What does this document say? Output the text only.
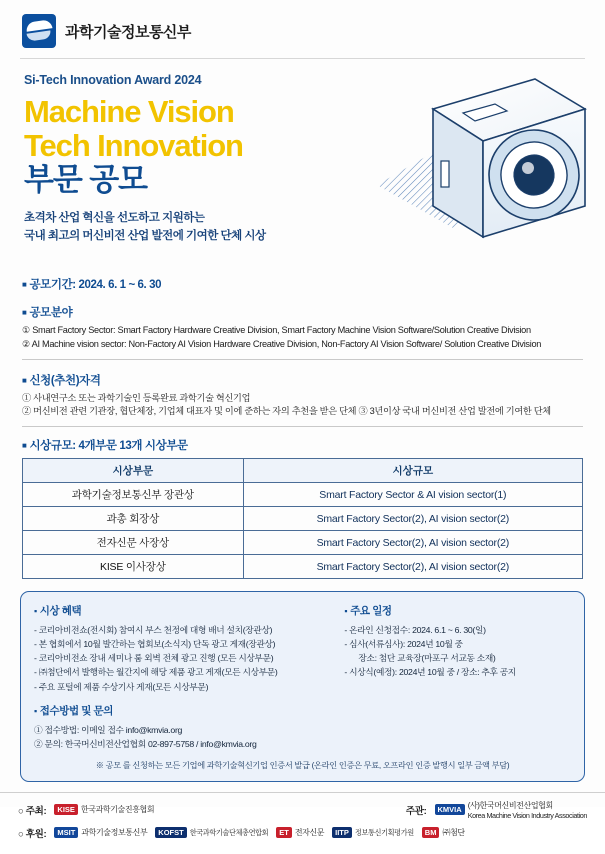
과학기술정보통신부
Si-Tech Innovation Award 2024
Machine Vision
Tech Innovation
부문 공모
초격차 산업 혁신을 선도하고 지원하는
국내 최고의 머신비전 산업 발전에 기여한 단체 시상
■ 공모기간: 2024. 6. 1 ~ 6. 30
■ 공모분야
① Smart Factory Sector: Smart Factory Hardware Creative Division, Smart Factory Machine Vision Software/Solution Creative Division
② AI Machine vision sector: Non-Factory AI Vision Hardware Creative Division, Non-Factory AI Vision Software/ Solution Creative Division
■ 신청(추천)자격
① 사내연구소 또는 과학기술인 등록완료 과학기술 혁신기업
② 머신비전 관련 기관장, 협단체장, 기업체 대표자 및 이에 준하는 자의 추천을 받은 단체 ③ 3년이상 국내 머신비전 산업 발전에 기여한 단체
■ 시상규모: 4개부문 13개 시상부문
시상부문	시상규모
과학기술정보통신부 장관상	Smart Factory Sector & AI vision sector(1)
과총 회장상	Smart Factory Sector(2), AI vision sector(2)
전자신문 사장상	Smart Factory Sector(2), AI vision sector(2)
KISE 이사장상	Smart Factory Sector(2), AI vision sector(2)
▪ 시상 혜택
- 코리아비전쇼(전시회) 참여시 부스 천정에 대형 배너 설치(장관상)
- 본 협회에서 10월 발간하는 협회보(소식지) 단독 광고 게재(장관상)
- 코리아비전쇼 장내 세미나 룸 외벽 전체 광고 진행 (모든 시상부문)
- ㈜첨단에서 발행하는 월간지에 해당 제품 광고 게재(모든 시상부문)
- 주요 포털에 제품 수상기사 게재(모든 시상부문)
▪ 접수방법 및 문의
① 접수방법: 이메일 접수 info@kmvia.org
② 문의: 한국머신비전산업협회 02-897-5758 / info@kmvia.org
▪ 주요 일정
- 온라인 신청접수: 2024. 6.1 ~ 6. 30(일)
- 심사(서류심사): 2024년 10월 중
장소: 첨단 교육장(마포구 서교동 소재)
- 시상식(예정): 2024년 10월 중 / 장소: 추후 공지
※ 공모 를 신청하는 모든 기업에 과학기술혁신기업 인증서 발급 (온라인 인증은 무료, 오프라인 인증 발행시 일부 금액 부담)
○ 주최:	KISE 한국과학기술진흥협회	주관:	KMVIA (사)한국머신비전산업협회
Korea Machine Vision Industry Association
○ 후원:	MSIT 과학기술정보통신부	KOFST 한국과학기술단체총연합회	ET 전자신문	IITP 정보통신기획평가원	BM ㈜첨단
